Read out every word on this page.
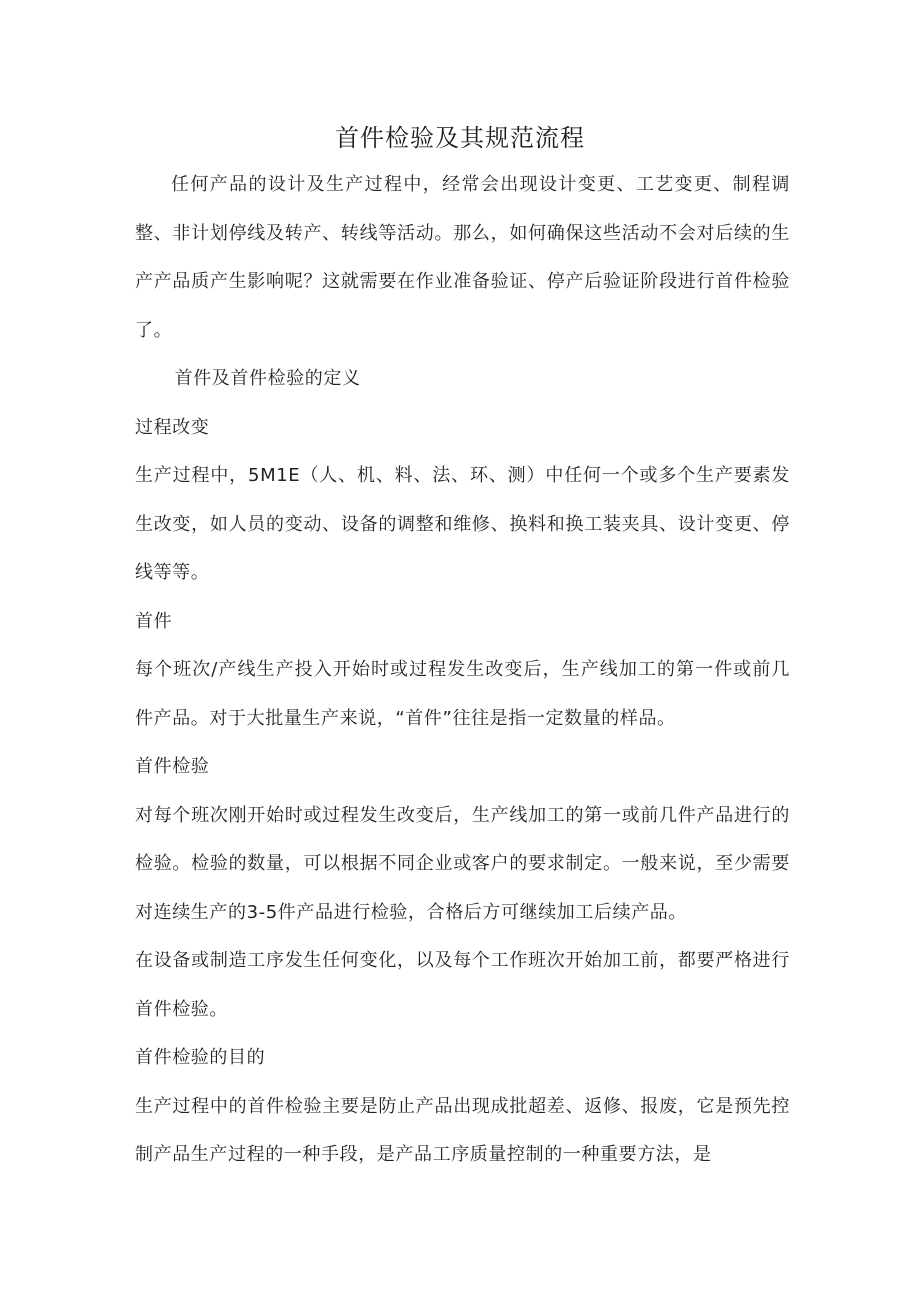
首件检验及其规范流程

任何产品的设计及生产过程中，经常会出现设计变更、工艺变更、制程调整、非计划停线及转产、转线等活动。那么，如何确保这些活动不会对后续的生产产品质产生影响呢？这就需要在作业准备验证、停产后验证阶段进行首件检验了。

首件及首件检验的定义

过程改变

生产过程中，5M1E（人、机、料、法、环、测）中任何一个或多个生产要素发生改变，如人员的变动、设备的调整和维修、换料和换工装夹具、设计变更、停线等等。

首件

每个班次/产线生产投入开始时或过程发生改变后，生产线加工的第一件或前几件产品。对于大批量生产来说，“首件”往往是指一定数量的样品。

首件检验

对每个班次刚开始时或过程发生改变后，生产线加工的第一或前几件产品进行的检验。检验的数量，可以根据不同企业或客户的要求制定。一般来说，至少需要对连续生产的3-5件产品进行检验，合格后方可继续加工后续产品。

在设备或制造工序发生任何变化，以及每个工作班次开始加工前，都要严格进行首件检验。

首件检验的目的

生产过程中的首件检验主要是防止产品出现成批超差、返修、报废，它是预先控制产品生产过程的一种手段，是产品工序质量控制的一种重要方法，是
